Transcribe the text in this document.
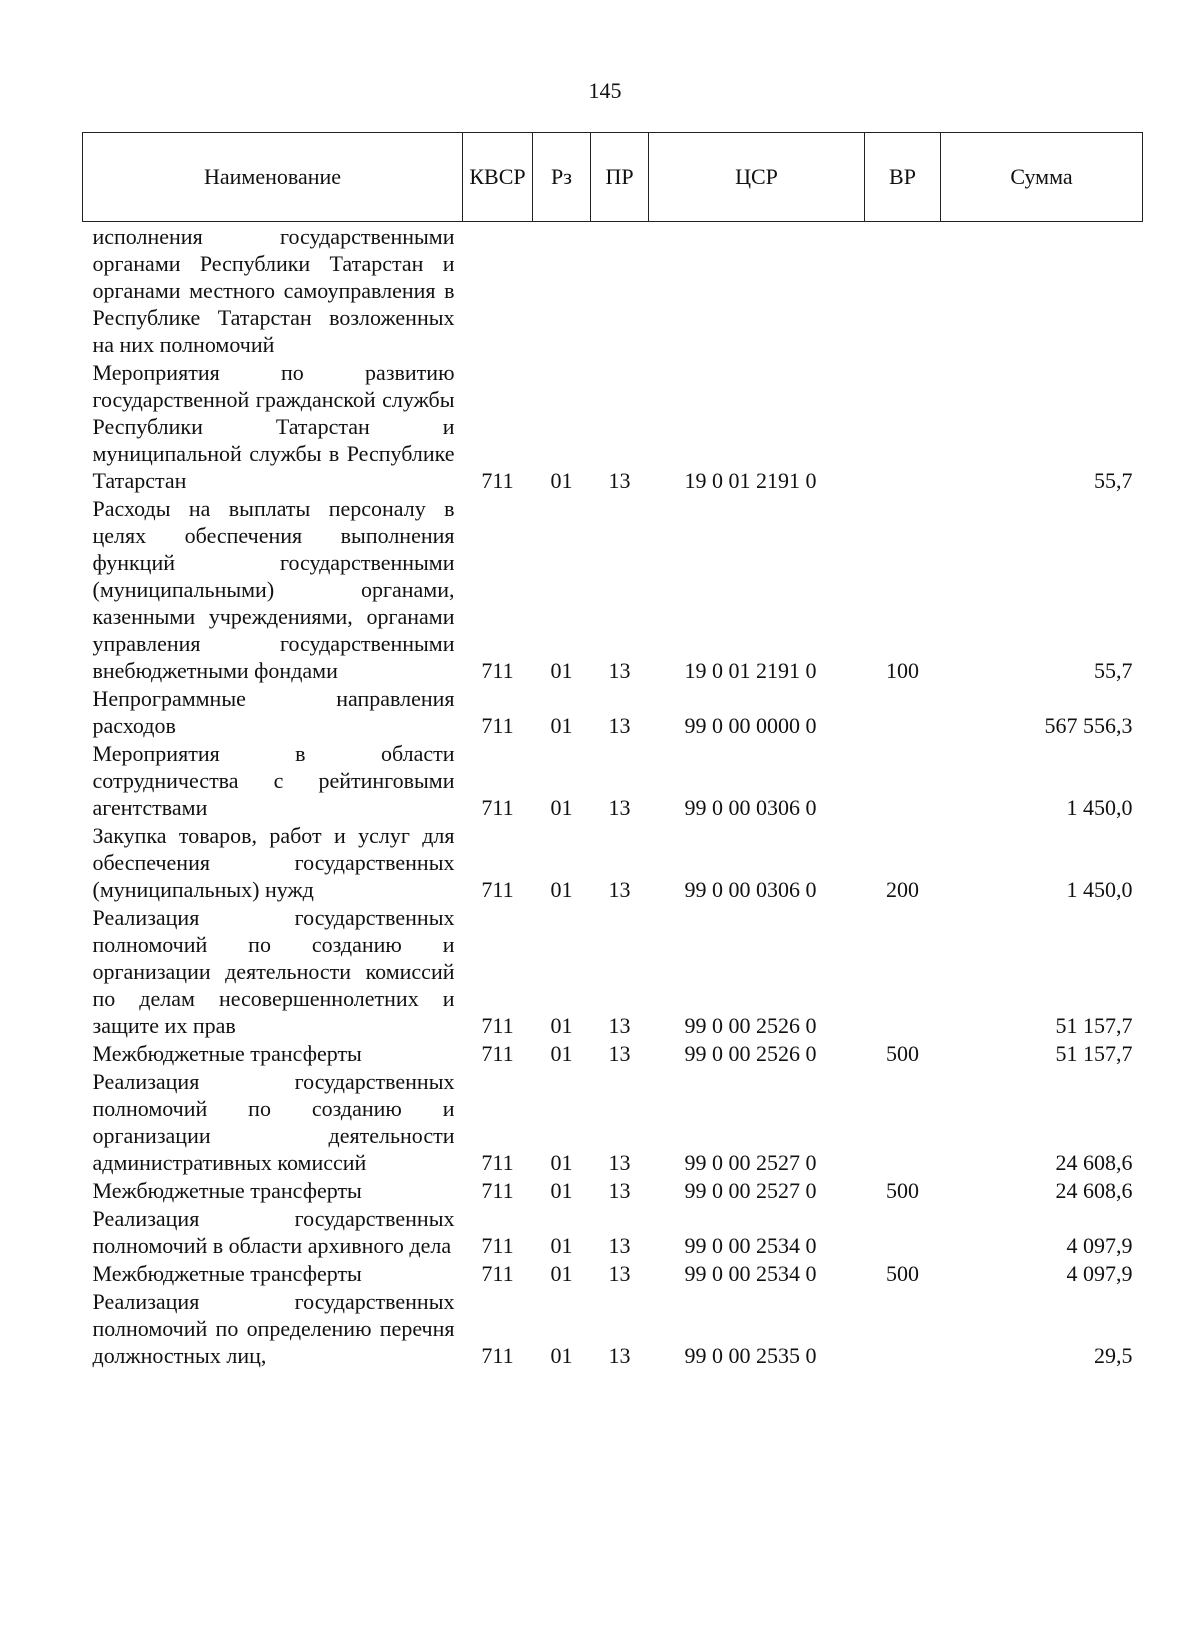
145
Наименование	КВСР	Рз	ПР	ЦСР	ВР	Сумма
исполнения государственными органами Республики Татарстан и органами местного самоуправления в Республике Татарстан возложенных на них полномочий						
Мероприятия по развитию государственной гражданской службы Республики Татарстан и муниципальной службы в Республике Татарстан	711	01	13	19 0 01 2191 0		55,7
Расходы на выплаты персоналу в целях обеспечения выполнения функций государственными (муниципальными) органами, казенными учреждениями, органами управления государственными внебюджетными фондами	711	01	13	19 0 01 2191 0	100	55,7
Непрограммные направления расходов	711	01	13	99 0 00 0000 0		567 556,3
Мероприятия в области сотрудничества с рейтинговыми агентствами	711	01	13	99 0 00 0306 0		1 450,0
Закупка товаров, работ и услуг для обеспечения государственных (муниципальных) нужд	711	01	13	99 0 00 0306 0	200	1 450,0
Реализация государственных полномочий по созданию и организации деятельности комиссий по делам несовершеннолетних и защите их прав	711	01	13	99 0 00 2526 0		51 157,7
Межбюджетные трансферты	711	01	13	99 0 00 2526 0	500	51 157,7
Реализация государственных полномочий по созданию и организации деятельности административных комиссий	711	01	13	99 0 00 2527 0		24 608,6
Межбюджетные трансферты	711	01	13	99 0 00 2527 0	500	24 608,6
Реализация государственных полномочий в области архивного дела	711	01	13	99 0 00 2534 0		4 097,9
Межбюджетные трансферты	711	01	13	99 0 00 2534 0	500	4 097,9
Реализация государственных полномочий по определению перечня должностных лиц,	711	01	13	99 0 00 2535 0		29,5
